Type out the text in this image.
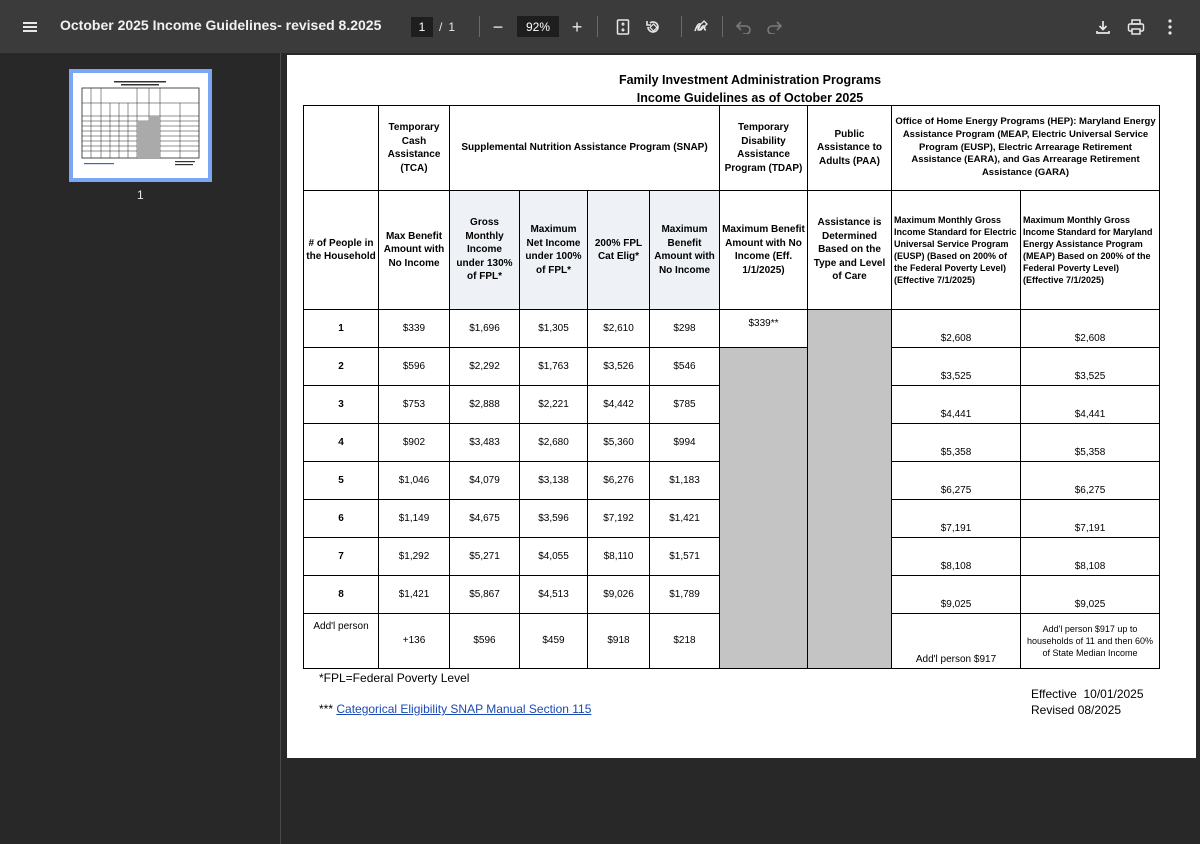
October 2025 Income Guidelines- revised 8.2025
1	/ 1	−
92%	+
1
Family Investment Administration Programs
Income Guidelines as of October 2025
	Temporary Cash Assistance (TCA)	Supplemental Nutrition Assistance Program (SNAP)				Temporary Disability Assistance Program (TDAP)	Public Assistance to Adults (PAA)	Office of Home Energy Programs (HEP): Maryland Energy Assistance Program (MEAP, Electric Universal Service Program (EUSP), Electric Arrearage Retirement Assistance (EARA), and Gas Arrearage Retirement Assistance (GARA)	
# of People in the Household	Max Benefit Amount with No Income	Gross Monthly Income under 130% of FPL*	Maximum Net Income under 100% of FPL*	200% FPL Cat Elig*	Maximum Benefit Amount with No Income	Maximum Benefit Amount with No Income (Eff. 1/1/2025)	Assistance is Determined Based on the Type and Level of Care	Maximum Monthly Gross Income Standard for Electric Universal Service Program (EUSP) (Based on 200% of the Federal Poverty Level) (Effective 7/1/2025)	Maximum Monthly Gross Income Standard for Maryland Energy Assistance Program (MEAP) Based on 200% of the Federal Poverty Level) (Effective 7/1/2025)
1	$339	$1,696	$1,305	$2,610	$298	$339**		$2,608	$2,608
2	$596	$2,292	$1,763	$3,526	$546			$3,525	$3,525
3	$753	$2,888	$2,221	$4,442	$785			$4,441	$4,441
4	$902	$3,483	$2,680	$5,360	$994			$5,358	$5,358
5	$1,046	$4,079	$3,138	$6,276	$1,183			$6,275	$6,275
6	$1,149	$4,675	$3,596	$7,192	$1,421			$7,191	$7,191
7	$1,292	$5,271	$4,055	$8,110	$1,571			$8,108	$8,108
8	$1,421	$5,867	$4,513	$9,026	$1,789			$9,025	$9,025
Add'l person	+136	$596	$459	$918	$218			Add'l person $917	Add'l person $917 up to households of 11 and then 60% of State Median Income
*FPL=Federal Poverty Level
*** Categorical Eligibility SNAP Manual Section 115
Effective  10/01/2025
Revised 08/2025
